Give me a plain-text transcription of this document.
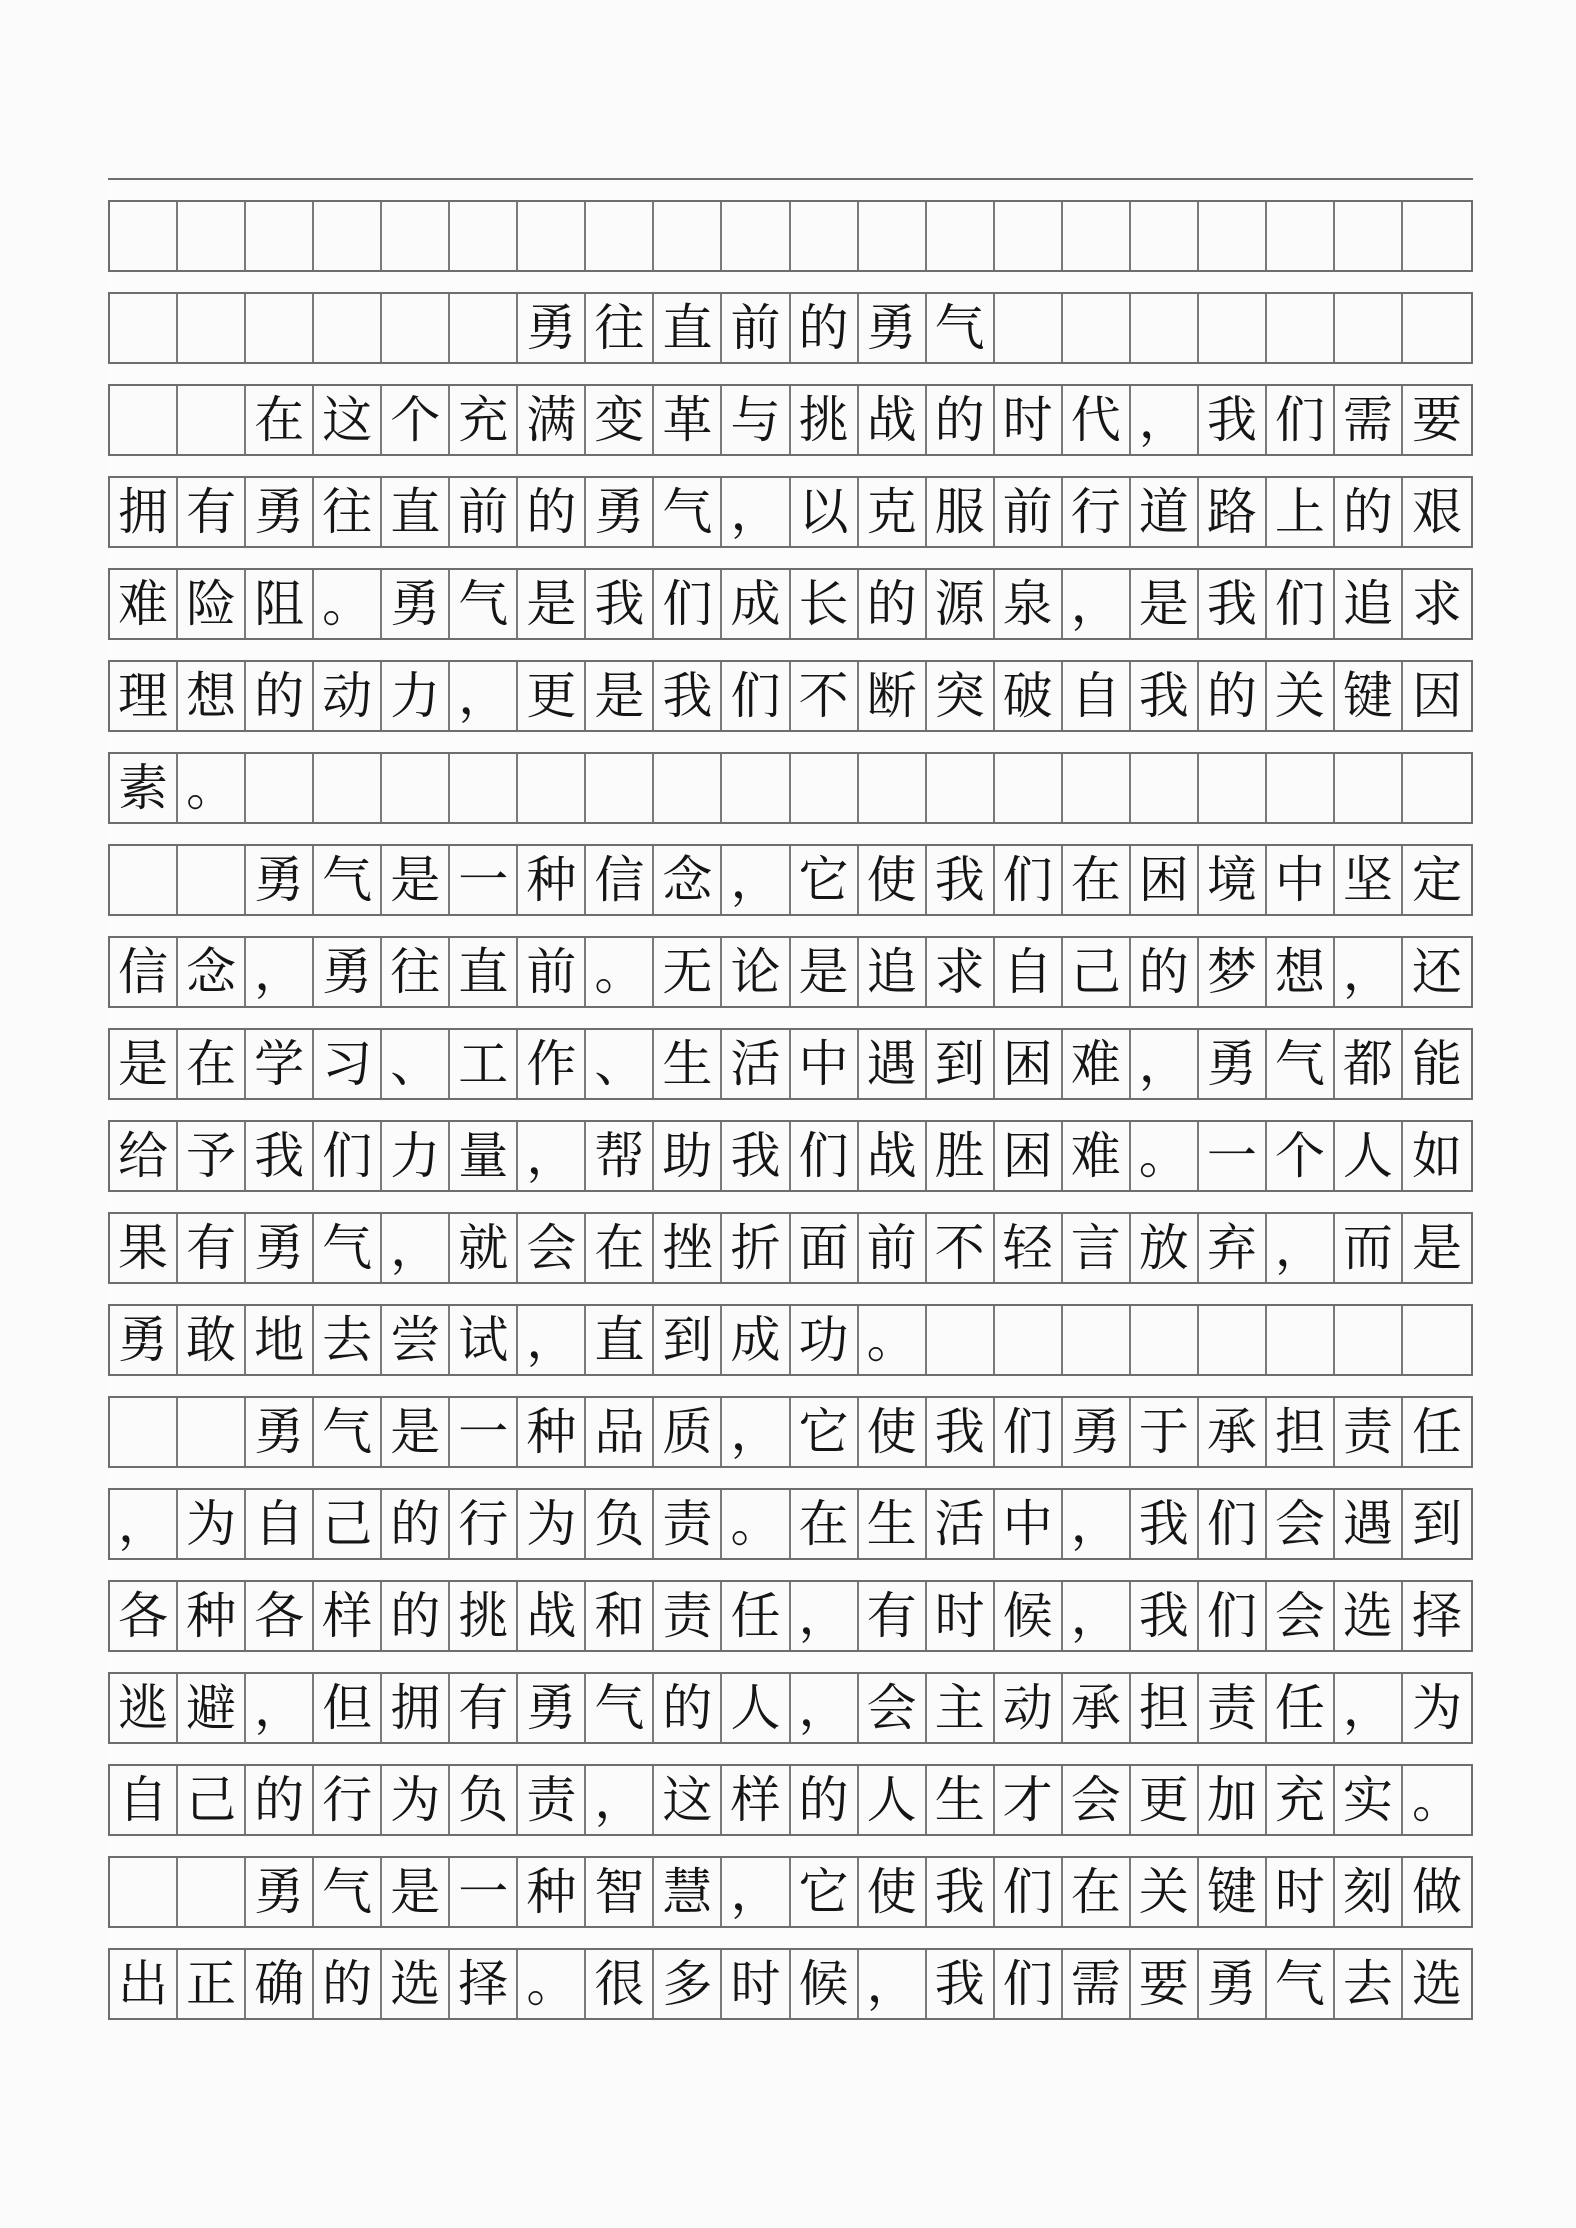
勇 往 直 前 的 勇 气
在 这 个 充 满 变 革 与 挑 战 的 时 代 ， 我 们 需 要
拥 有 勇 往 直 前 的 勇 气 ， 以 克 服 前 行 道 路 上 的 艰
难 险 阻 。 勇 气 是 我 们 成 长 的 源 泉 ， 是 我 们 追 求
理 想 的 动 力 ， 更 是 我 们 不 断 突 破 自 我 的 关 键 因
素 。
勇 气 是 一 种 信 念 ， 它 使 我 们 在 困 境 中 坚 定
信 念 ， 勇 往 直 前 。 无 论 是 追 求 自 己 的 梦 想 ， 还
是 在 学 习 、 工 作 、 生 活 中 遇 到 困 难 ， 勇 气 都 能
给 予 我 们 力 量 ， 帮 助 我 们 战 胜 困 难 。 一 个 人 如
果 有 勇 气 ， 就 会 在 挫 折 面 前 不 轻 言 放 弃 ， 而 是
勇 敢 地 去 尝 试 ， 直 到 成 功 。
勇 气 是 一 种 品 质 ， 它 使 我 们 勇 于 承 担 责 任
， 为 自 己 的 行 为 负 责 。 在 生 活 中 ， 我 们 会 遇 到
各 种 各 样 的 挑 战 和 责 任 ， 有 时 候 ， 我 们 会 选 择
逃 避 ， 但 拥 有 勇 气 的 人 ， 会 主 动 承 担 责 任 ， 为
自 己 的 行 为 负 责 ， 这 样 的 人 生 才 会 更 加 充 实 。
勇 气 是 一 种 智 慧 ， 它 使 我 们 在 关 键 时 刻 做
出 正 确 的 选 择 。 很 多 时 候 ， 我 们 需 要 勇 气 去 选
